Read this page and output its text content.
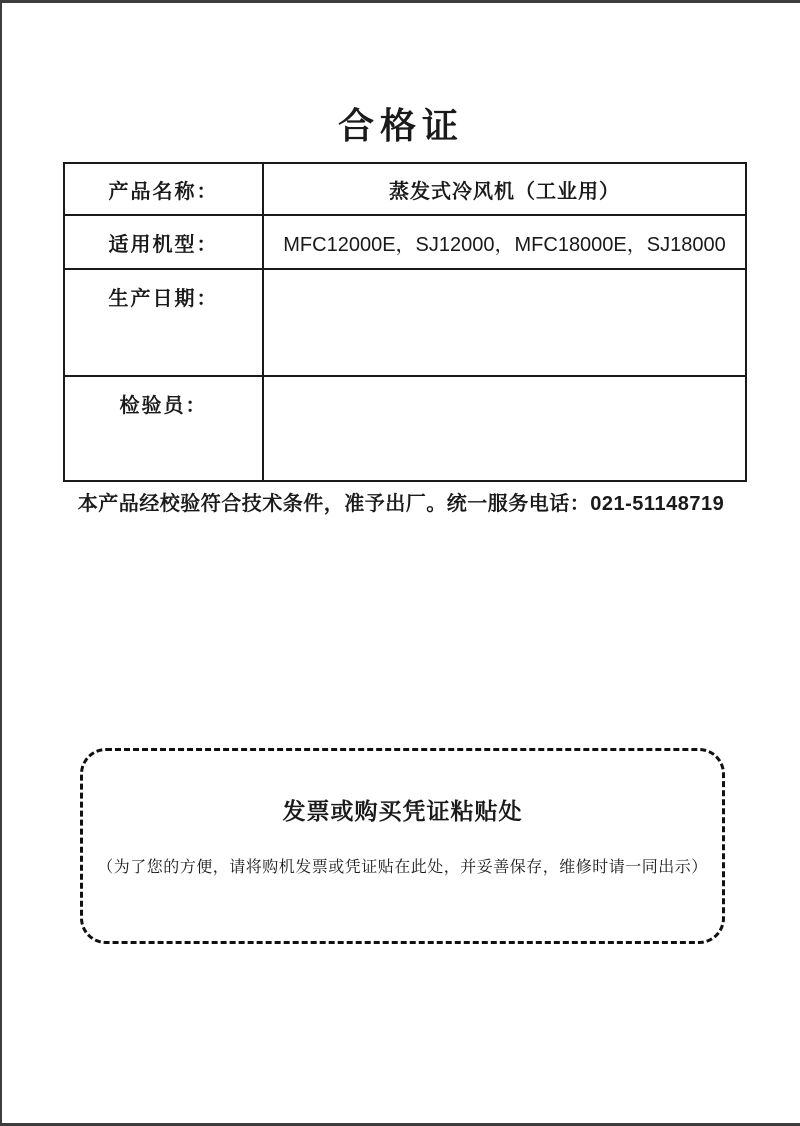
合格证
产品名称：	蒸发式冷风机（工业用）
适用机型：	MFC12000E，SJ12000，MFC18000E，SJ18000
生产日期：	
检验员：	
本产品经校验符合技术条件，准予出厂。统一服务电话：021-51148719
发票或购买凭证粘贴处
（为了您的方便，请将购机发票或凭证贴在此处，并妥善保存，维修时请一同出示）
